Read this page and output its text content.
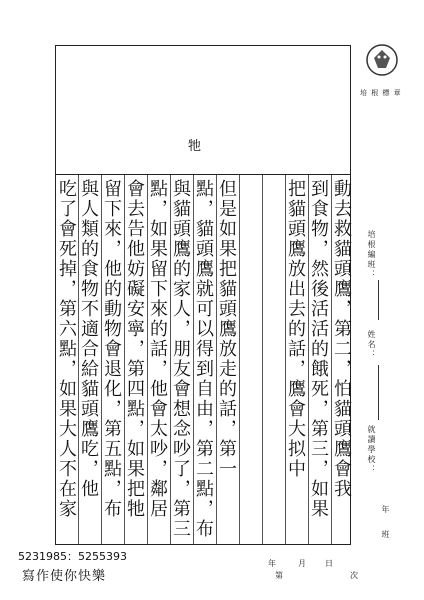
牠
培 根 標 章
動去救貓頭鷹，第二，怕貓頭鷹會我
到食物，然後活活的餓死，第三，如果
把貓頭鷹放出去的話，鷹會大拟中
但是如果把貓頭鷹放走的話，第一
點，貓頭鷹就可以得到自由，第二點，布
與貓頭鷹的家人，朋友會想念吵了，第三
點，如果留下來的話，他會太吵，鄰居
會去告他妨礙安寧，第四點，如果把牠
留下來，他的動物會退化，第五點，布
與人類的食物不適合給貓頭鷹吃，他
吃了會死掉，第六點，如果大人不在家	培根編班：
姓名：
就讀學校：
年
班
年	月 日
第	次
5231985：5255393
寫作使你快樂
